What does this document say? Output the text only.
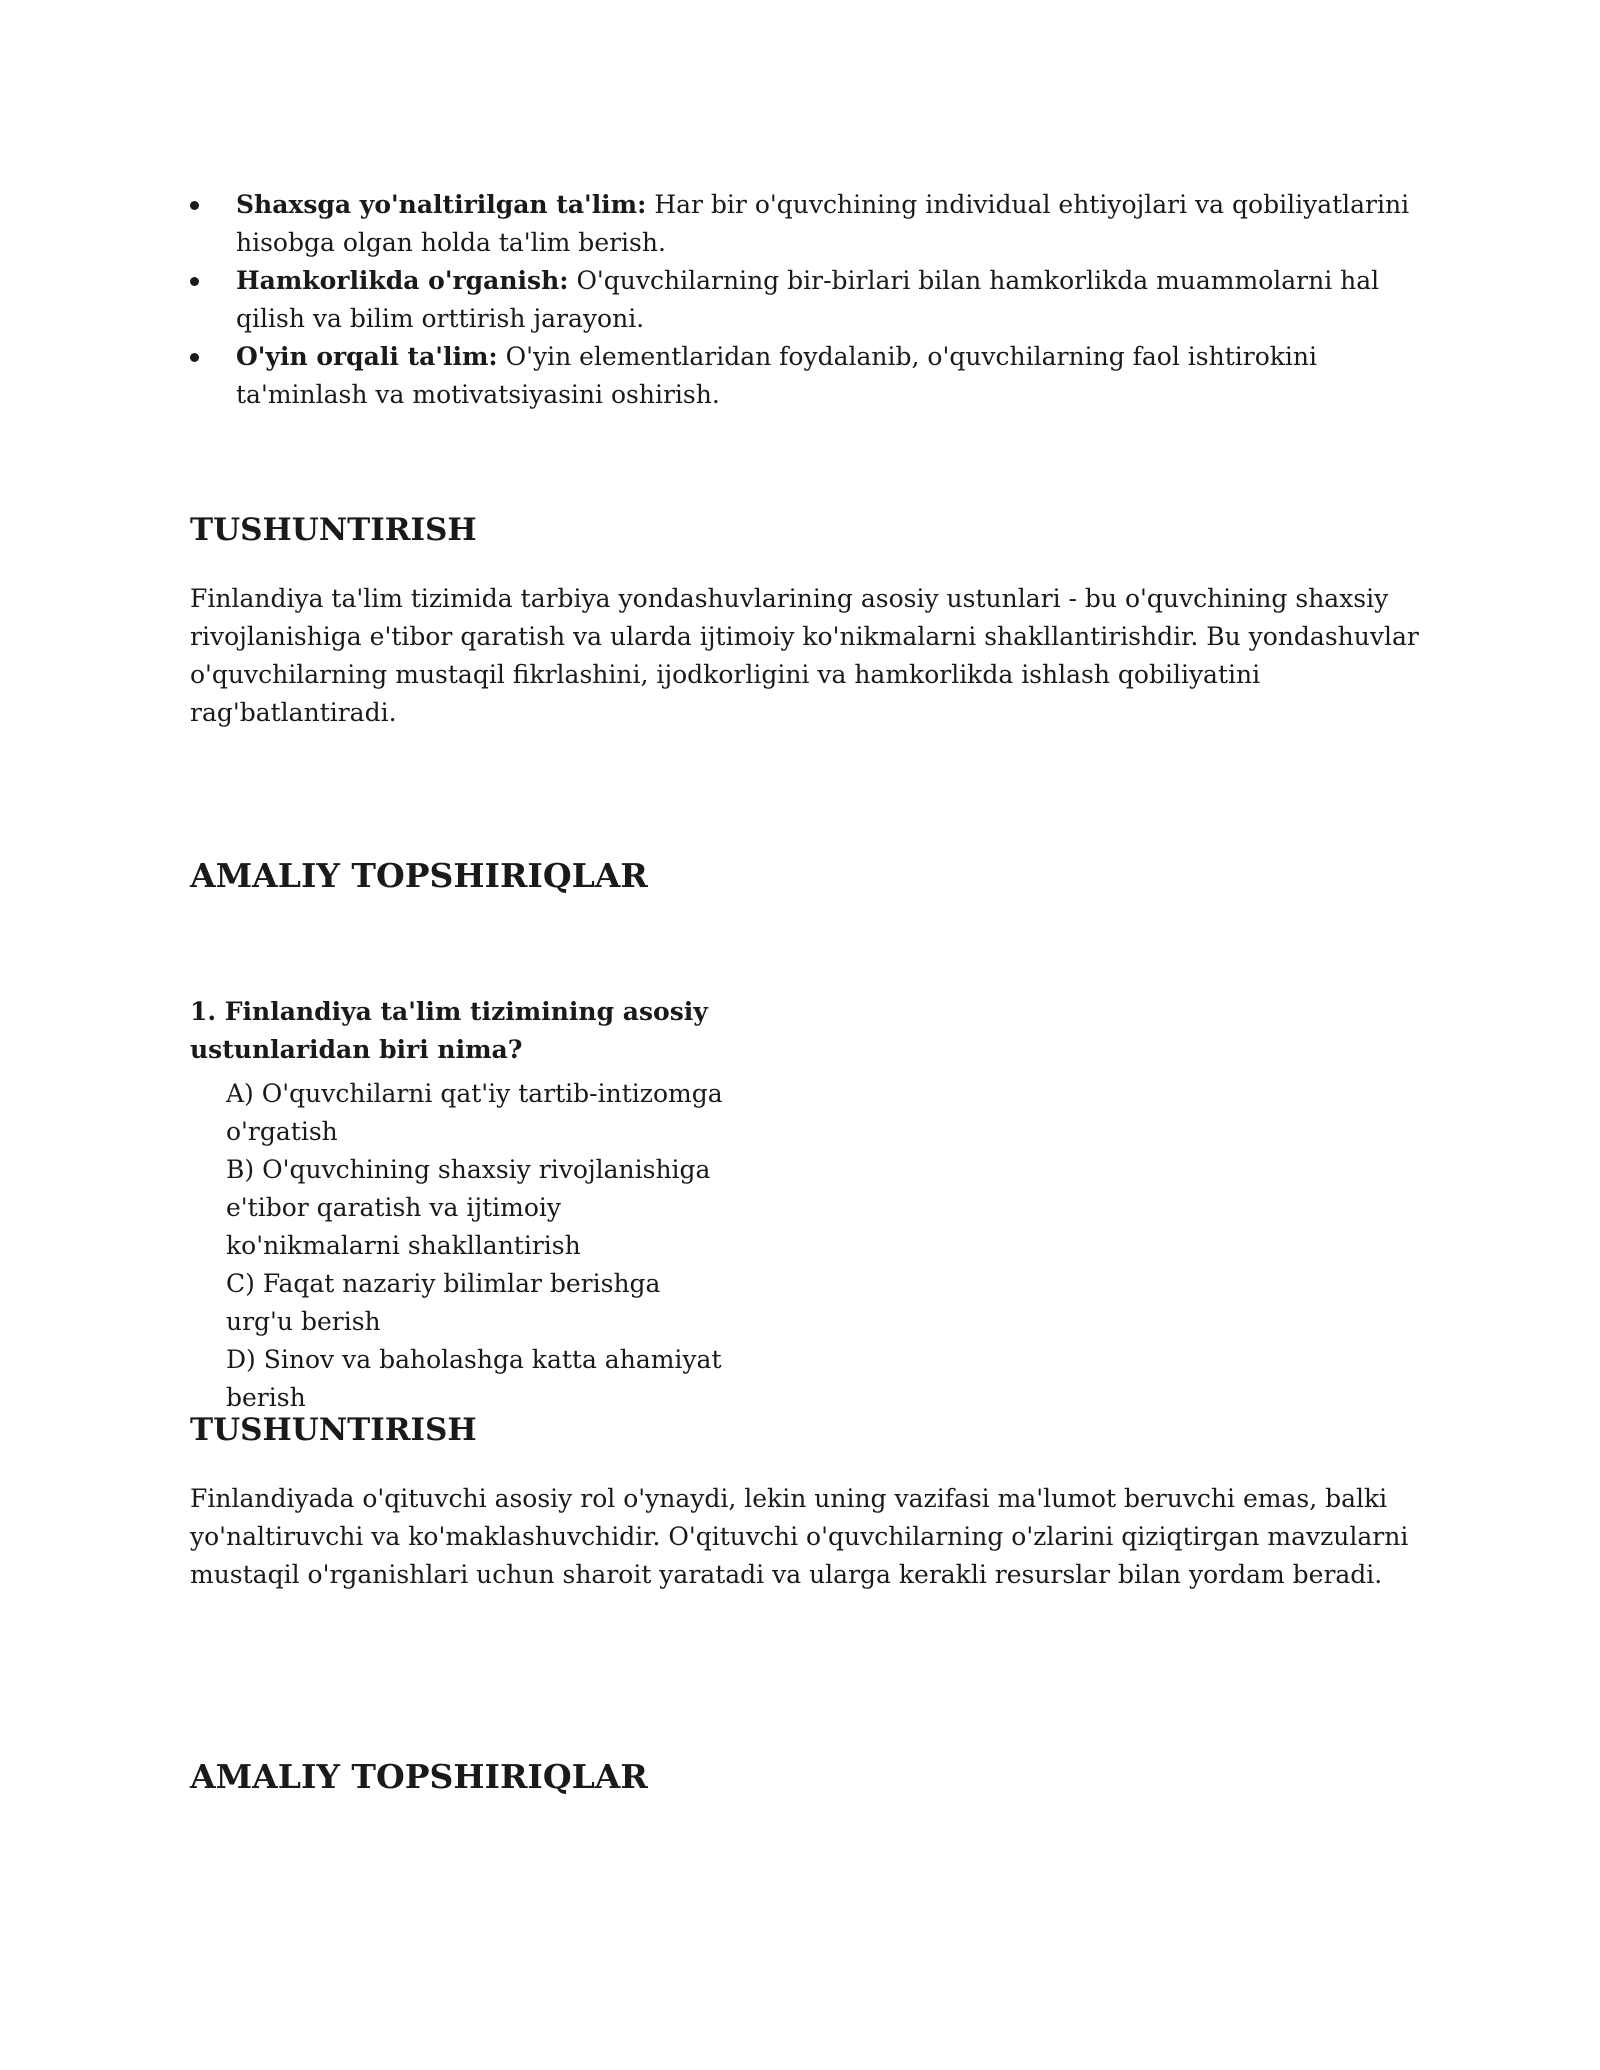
Shaxsga yo'naltirilgan ta'lim: Har bir o'quvchining individual ehtiyojlari va qobiliyatlarini hisobga olgan holda ta'lim berish.
Hamkorlikda o'rganish: O'quvchilarning bir-birlari bilan hamkorlikda muammolarni hal qilish va bilim orttirish jarayoni.
O'yin orqali ta'lim: O'yin elementlaridan foydalanib, o'quvchilarning faol ishtirokini ta'minlash va motivatsiyasini oshirish.
TUSHUNTIRISH

Finlandiya ta'lim tizimida tarbiya yondashuvlarining asosiy ustunlari - bu o'quvchining shaxsiy rivojlanishiga e'tibor qaratish va ularda ijtimoiy ko'nikmalarni shakllantirishdir. Bu yondashuvlar o'quvchilarning mustaqil fikrlashini, ijodkorligini va hamkorlikda ishlash qobiliyatini rag'batlantiradi.

AMALIY TOPSHIRIQLAR

1. Finlandiya ta'lim tizimining asosiy ustunlaridan biri nima?

A) O'quvchilarni qat'iy tartib-intizomga o'rgatish
B) O'quvchining shaxsiy rivojlanishiga e'tibor qaratish va ijtimoiy ko'nikmalarni shakllantirish
C) Faqat nazariy bilimlar berishga urg'u berish
D) Sinov va baholashga katta ahamiyat berish
TUSHUNTIRISH

Finlandiyada o'qituvchi asosiy rol o'ynaydi, lekin uning vazifasi ma'lumot beruvchi emas, balki yo'naltiruvchi va ko'maklashuvchidir. O'qituvchi o'quvchilarning o'zlarini qiziqtirgan mavzularni mustaqil o'rganishlari uchun sharoit yaratadi va ularga kerakli resurslar bilan yordam beradi.

AMALIY TOPSHIRIQLAR
